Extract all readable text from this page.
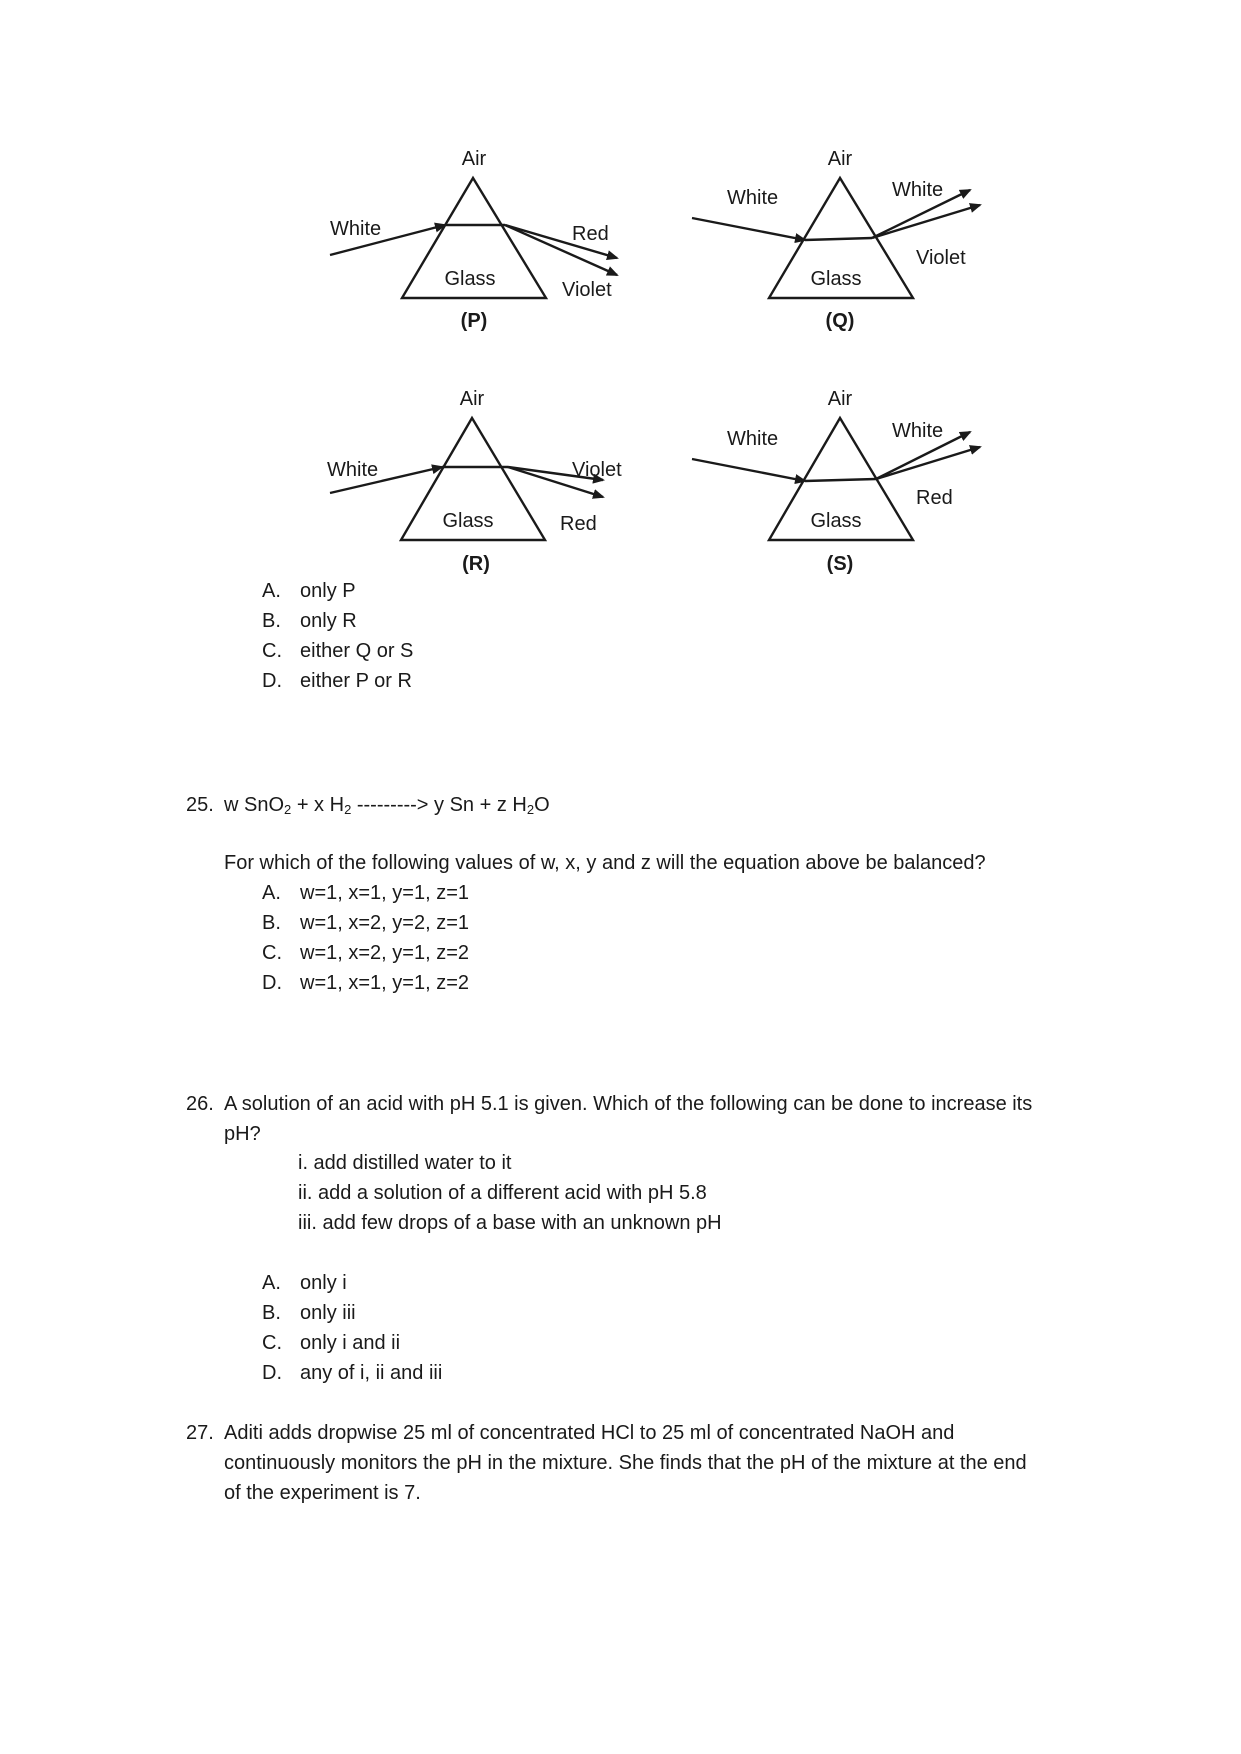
Air
Glass
White	Red
Violet
(P)
Air
Glass
White	White
Violet
(Q)
Air
Glass
White	Violet
Red
(R)
Air
Glass
White	White
Red
(S)
A. only P
B. only R
C. either Q or S
D. either P or R
25. w SnO$_2$ + x $H_2$ ---------> y Sn + z $H_2O$
For which of the following values of w, x, y and z will the equation above be balanced?
A. w=1, x=1, y=1, z=1
B. w=1, x=2, y=2, z=1
C. w=1, x=2, y=1, z=2
D. w=1, x=1, y=1, z=2
26. A solution of an acid with pH 5.1 is given. Which of the following can be done to increase its
pH?
i. add distilled water to it
ii. add a solution of a different acid with pH 5.8
iii. add few drops of a base with an unknown pH
A. only i
B. only iii
C. only i and ii
D. any of i, ii and iii
27. Aditi adds dropwise 25 ml of concentrated HCl to 25 ml of concentrated NaOH and
continuously monitors the pH in the mixture. She finds that the pH of the mixture at the end
of the experiment is 7.
